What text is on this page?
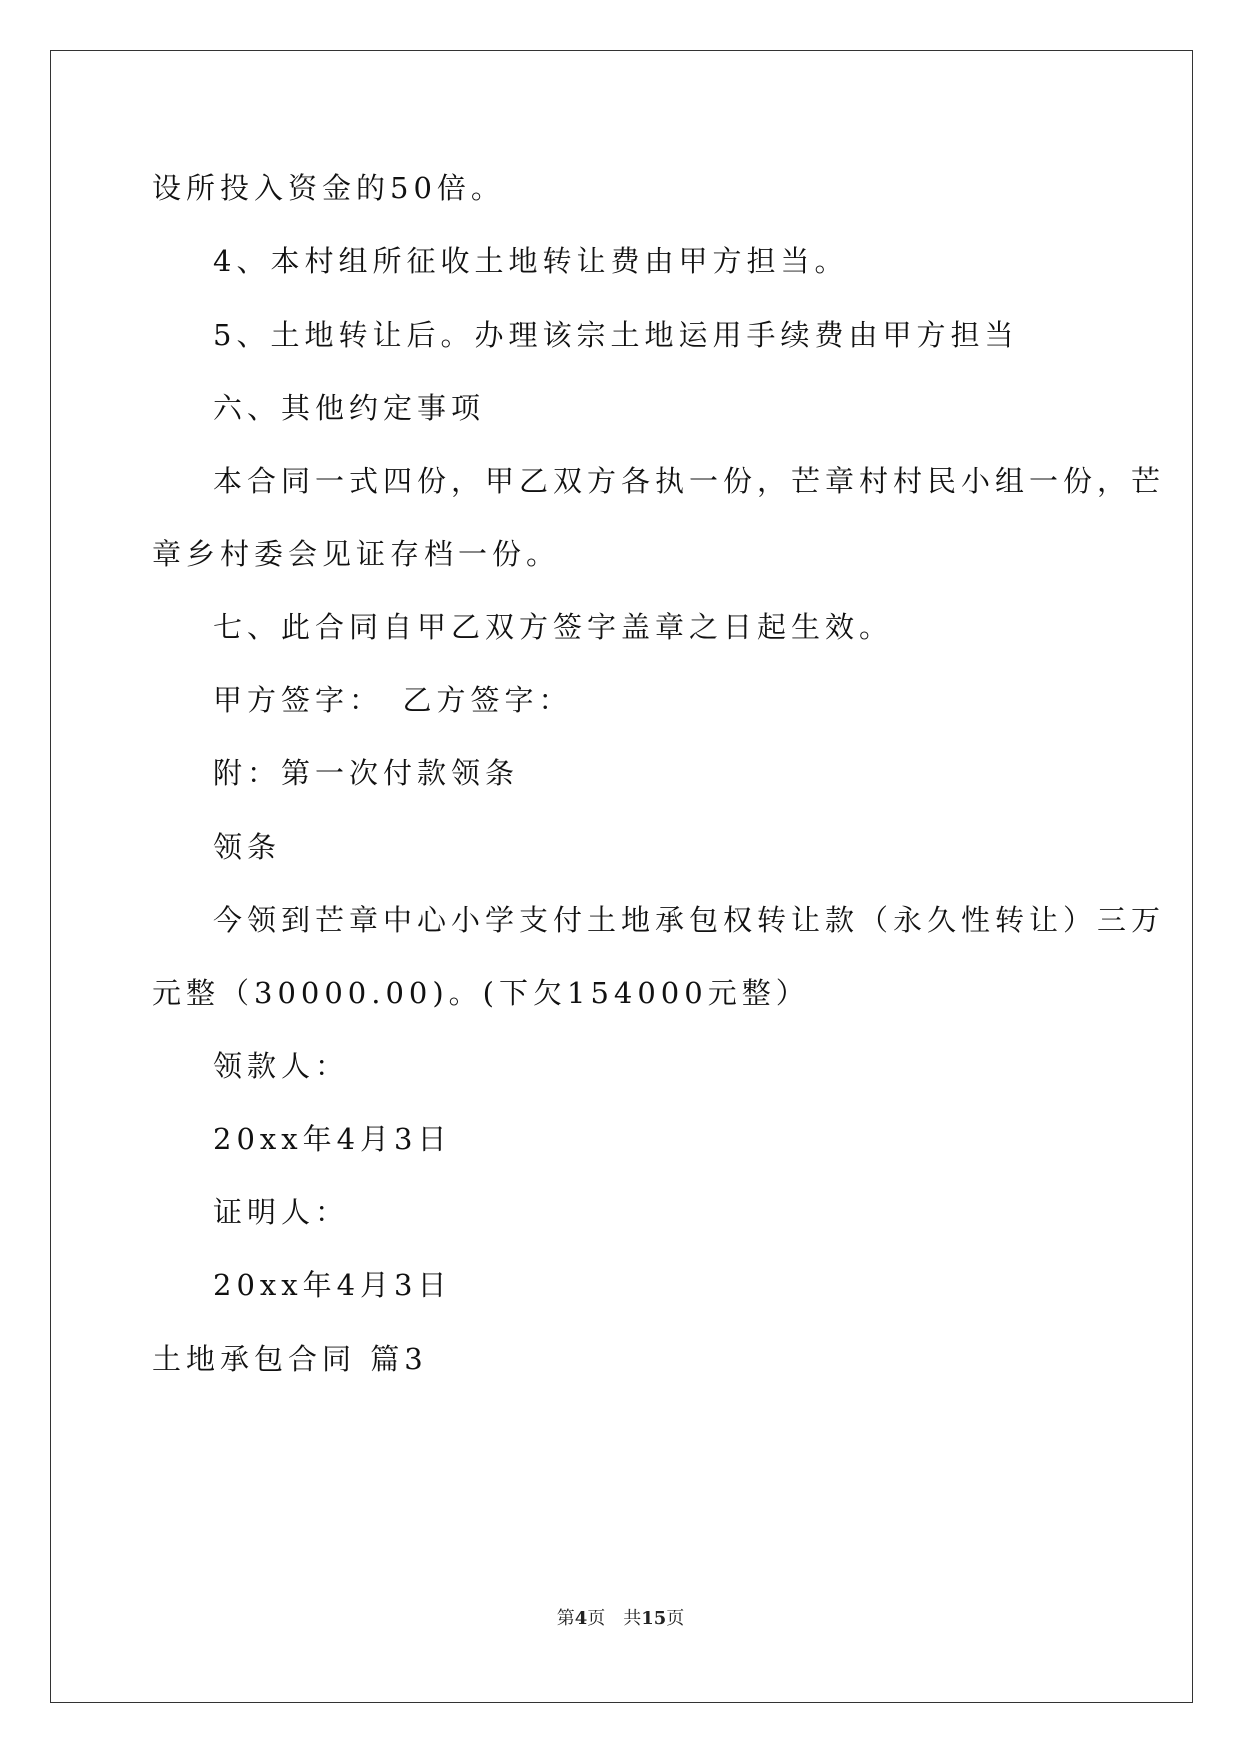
设所投入资金的50倍。
4、本村组所征收土地转让费由甲方担当。
5、土地转让后。办理该宗土地运用手续费由甲方担当
六、其他约定事项
本合同一式四份，甲乙双方各执一份，芒章村村民小组一份，芒
章乡村委会见证存档一份。
七、此合同自甲乙双方签字盖章之日起生效。
甲方签字：　乙方签字：
附：第一次付款领条
领条
今领到芒章中心小学支付土地承包权转让款（永久性转让）三万
元整（30000.00)。(下欠154000元整）
领款人：
20xx年4月3日
证明人：
20xx年4月3日
土地承包合同 篇3
第4页 共15页
